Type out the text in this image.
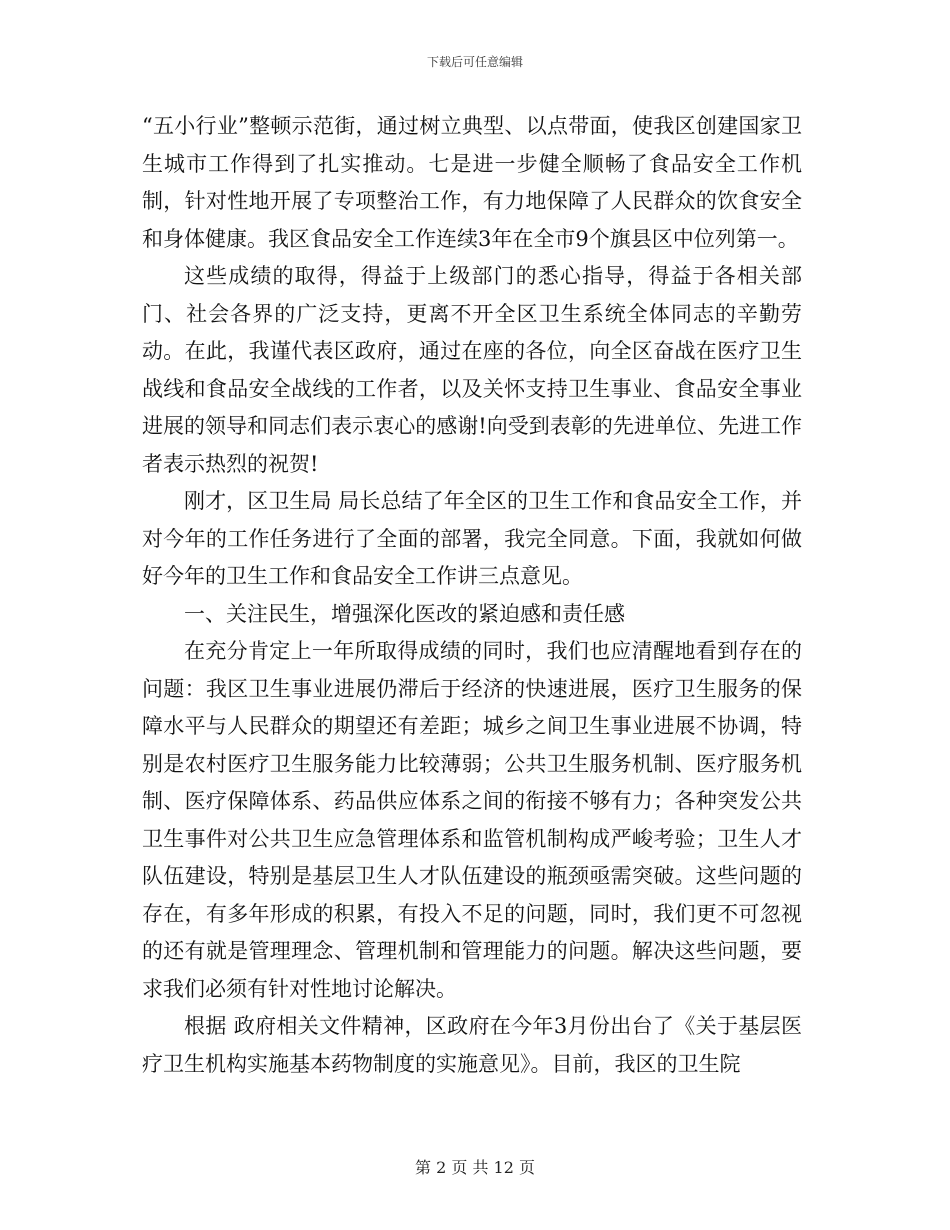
下载后可任意编辑

“五小行业”整顿示范街，通过树立典型、以点带面，使我区创建国家卫生城市工作得到了扎实推动。七是进一步健全顺畅了食品安全工作机制，针对性地开展了专项整治工作，有力地保障了人民群众的饮食安全和身体健康。我区食品安全工作连续3年在全市9个旗县区中位列第一。

这些成绩的取得，得益于上级部门的悉心指导，得益于各相关部门、社会各界的广泛支持，更离不开全区卫生系统全体同志的辛勤劳动。在此，我谨代表区政府，通过在座的各位，向全区奋战在医疗卫生战线和食品安全战线的工作者，以及关怀支持卫生事业、食品安全事业进展的领导和同志们表示衷心的感谢!向受到表彰的先进单位、先进工作者表示热烈的祝贺!

刚才，区卫生局 局长总结了年全区的卫生工作和食品安全工作，并对今年的工作任务进行了全面的部署，我完全同意。下面，我就如何做好今年的卫生工作和食品安全工作讲三点意见。

一、关注民生，增强深化医改的紧迫感和责任感

在充分肯定上一年所取得成绩的同时，我们也应清醒地看到存在的问题：我区卫生事业进展仍滞后于经济的快速进展，医疗卫生服务的保障水平与人民群众的期望还有差距；城乡之间卫生事业进展不协调，特别是农村医疗卫生服务能力比较薄弱；公共卫生服务机制、医疗服务机制、医疗保障体系、药品供应体系之间的衔接不够有力；各种突发公共卫生事件对公共卫生应急管理体系和监管机制构成严峻考验；卫生人才队伍建设，特别是基层卫生人才队伍建设的瓶颈亟需突破。这些问题的存在，有多年形成的积累，有投入不足的问题，同时，我们更不可忽视的还有就是管理理念、管理机制和管理能力的问题。解决这些问题，要求我们必须有针对性地讨论解决。

根据 政府相关文件精神，区政府在今年3月份出台了《关于基层医疗卫生机构实施基本药物制度的实施意见》。目前，我区的卫生院

第 2 页 共 12 页
